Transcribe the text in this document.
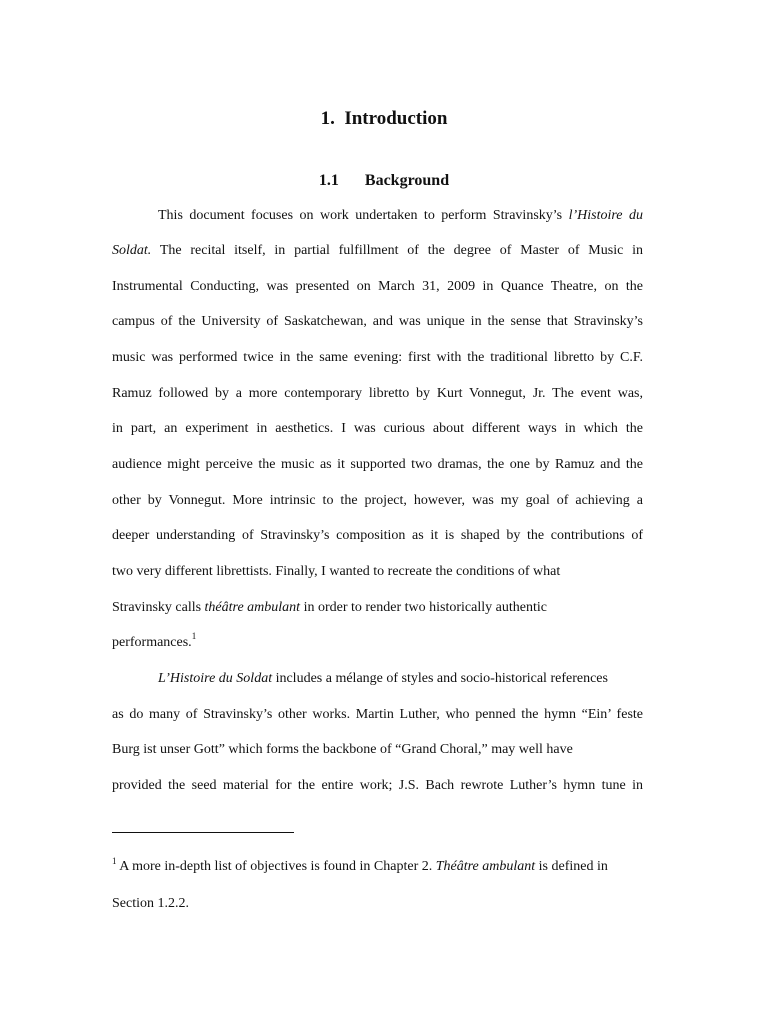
1.  Introduction
1.1 Background

This document focuses on work undertaken to perform Stravinsky’s l’Histoire du

Soldat. The recital itself, in partial fulfillment of the degree of Master of Music in

Instrumental Conducting, was presented on March 31, 2009 in Quance Theatre, on the

campus of the University of Saskatchewan, and was unique in the sense that Stravinsky’s

music was performed twice in the same evening: first with the traditional libretto by C.F.

Ramuz followed by a more contemporary libretto by Kurt Vonnegut, Jr. The event was,

in part, an experiment in aesthetics. I was curious about different ways in which the

audience might perceive the music as it supported two dramas, the one by Ramuz and the

other by Vonnegut. More intrinsic to the project, however, was my goal of achieving a

deeper understanding of Stravinsky’s composition as it is shaped by the contributions of

two very different librettists. Finally, I wanted to recreate the conditions of what

Stravinsky calls théâtre ambulant in order to render two historically authentic

performances.$^1$

L’Histoire du Soldat includes a mélange of styles and socio-historical references

as do many of Stravinsky’s other works. Martin Luther, who penned the hymn “Ein’ feste

Burg ist unser Gott” which forms the backbone of “Grand Choral,” may well have

provided the seed material for the entire work; J.S. Bach rewrote Luther’s hymn tune in

$^1$ A more in-depth list of objectives is found in Chapter 2. Théâtre ambulant is defined in
Section 1.2.2.
